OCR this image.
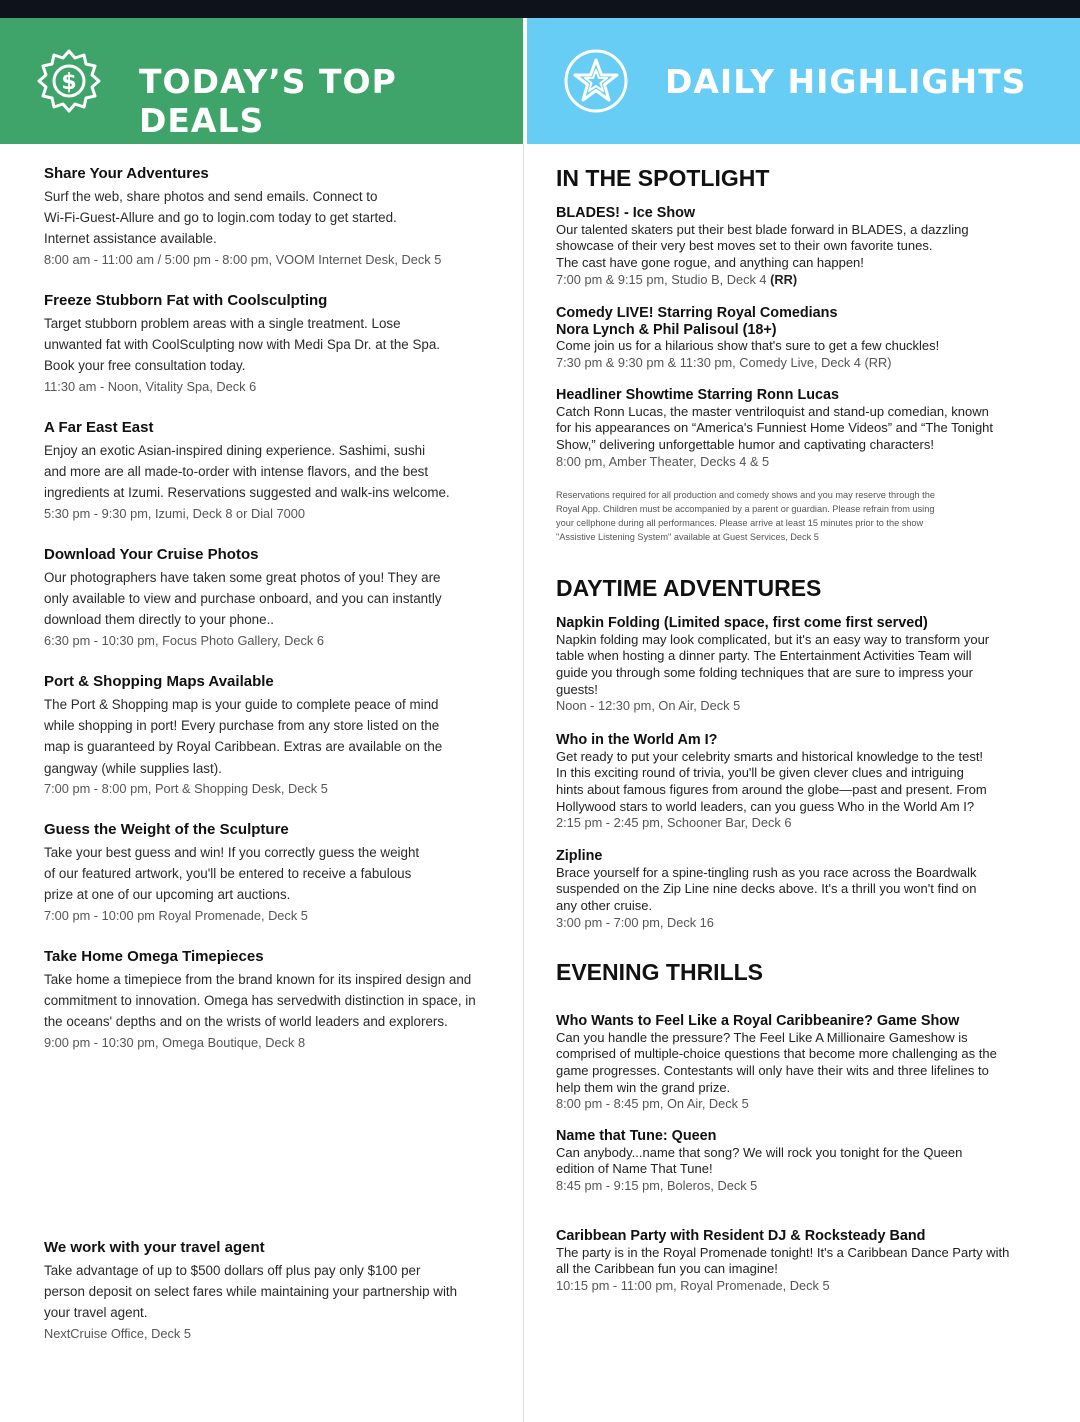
$ TODAY’S TOP DEALS
DAILY HIGHLIGHTS
Share Your Adventures
Surf the web, share photos and send emails. Connect to
Wi-Fi-Guest-Allure and go to login.com today to get started.
Internet assistance available.
8:00 am - 11:00 am / 5:00 pm - 8:00 pm, VOOM Internet Desk, Deck 5
Freeze Stubborn Fat with Coolsculpting
Target stubborn problem areas with a single treatment. Lose
unwanted fat with CoolSculpting now with Medi Spa Dr. at the Spa.
Book your free consultation today.
11:30 am - Noon, Vitality Spa, Deck 6
A Far East East
Enjoy an exotic Asian-inspired dining experience. Sashimi, sushi
and more are all made-to-order with intense flavors, and the best
ingredients at Izumi. Reservations suggested and walk-ins welcome.
5:30 pm - 9:30 pm, Izumi, Deck 8 or Dial 7000
Download Your Cruise Photos
Our photographers have taken some great photos of you! They are
only available to view and purchase onboard, and you can instantly
download them directly to your phone..
6:30 pm - 10:30 pm, Focus Photo Gallery, Deck 6
Port & Shopping Maps Available
The Port & Shopping map is your guide to complete peace of mind
while shopping in port! Every purchase from any store listed on the
map is guaranteed by Royal Caribbean. Extras are available on the
gangway (while supplies last).
7:00 pm - 8:00 pm, Port & Shopping Desk, Deck 5
Guess the Weight of the Sculpture
Take your best guess and win! If you correctly guess the weight
of our featured artwork, you'll be entered to receive a fabulous
prize at one of our upcoming art auctions.
7:00 pm - 10:00 pm Royal Promenade, Deck 5
Take Home Omega Timepieces
Take home a timepiece from the brand known for its inspired design and
commitment to innovation. Omega has servedwith distinction in space, in
the oceans' depths and on the wrists of world leaders and explorers.
9:00 pm - 10:30 pm, Omega Boutique, Deck 8
We work with your travel agent
Take advantage of up to $500 dollars off plus pay only $100 per
person deposit on select fares while maintaining your partnership with
your travel agent.
NextCruise Office, Deck 5
IN THE SPOTLIGHT
BLADES! - Ice Show
Our talented skaters put their best blade forward in BLADES, a dazzling
showcase of their very best moves set to their own favorite tunes.
The cast have gone rogue, and anything can happen!
7:00 pm & 9:15 pm, Studio B, Deck 4 (RR)
Comedy LIVE! Starring Royal Comedians
Nora Lynch & Phil Palisoul (18+)
Come join us for a hilarious show that's sure to get a few chuckles!
7:30 pm & 9:30 pm & 11:30 pm, Comedy Live, Deck 4 (RR)
Headliner Showtime Starring Ronn Lucas
Catch Ronn Lucas, the master ventriloquist and stand-up comedian, known
for his appearances on “America's Funniest Home Videos” and “The Tonight
Show,” delivering unforgettable humor and captivating characters!
8:00 pm, Amber Theater, Decks 4 & 5
Reservations required for all production and comedy shows and you may reserve through the
Royal App. Children must be accompanied by a parent or guardian. Please refrain from using
your cellphone during all performances. Please arrive at least 15 minutes prior to the show
"Assistive Listening System" available at Guest Services, Deck 5
DAYTIME ADVENTURES
Napkin Folding (Limited space, first come first served)
Napkin folding may look complicated, but it's an easy way to transform your
table when hosting a dinner party. The Entertainment Activities Team will
guide you through some folding techniques that are sure to impress your
guests!
Noon - 12:30 pm, On Air, Deck 5
Who in the World Am I?
Get ready to put your celebrity smarts and historical knowledge to the test!
In this exciting round of trivia, you'll be given clever clues and intriguing
hints about famous figures from around the globe—past and present. From
Hollywood stars to world leaders, can you guess Who in the World Am I?
2:15 pm - 2:45 pm, Schooner Bar, Deck 6
Zipline
Brace yourself for a spine-tingling rush as you race across the Boardwalk
suspended on the Zip Line nine decks above. It's a thrill you won't find on
any other cruise.
3:00 pm - 7:00 pm, Deck 16
EVENING THRILLS
Who Wants to Feel Like a Royal Caribbeanire? Game Show
Can you handle the pressure? The Feel Like A Millionaire Gameshow is
comprised of multiple-choice questions that become more challenging as the
game progresses. Contestants will only have their wits and three lifelines to
help them win the grand prize.
8:00 pm - 8:45 pm, On Air, Deck 5
Name that Tune: Queen
Can anybody...name that song? We will rock you tonight for the Queen
edition of Name That Tune!
8:45 pm - 9:15 pm, Boleros, Deck 5
Caribbean Party with Resident DJ & Rocksteady Band
The party is in the Royal Promenade tonight! It's a Caribbean Dance Party with
all the Caribbean fun you can imagine!
10:15 pm - 11:00 pm, Royal Promenade, Deck 5
